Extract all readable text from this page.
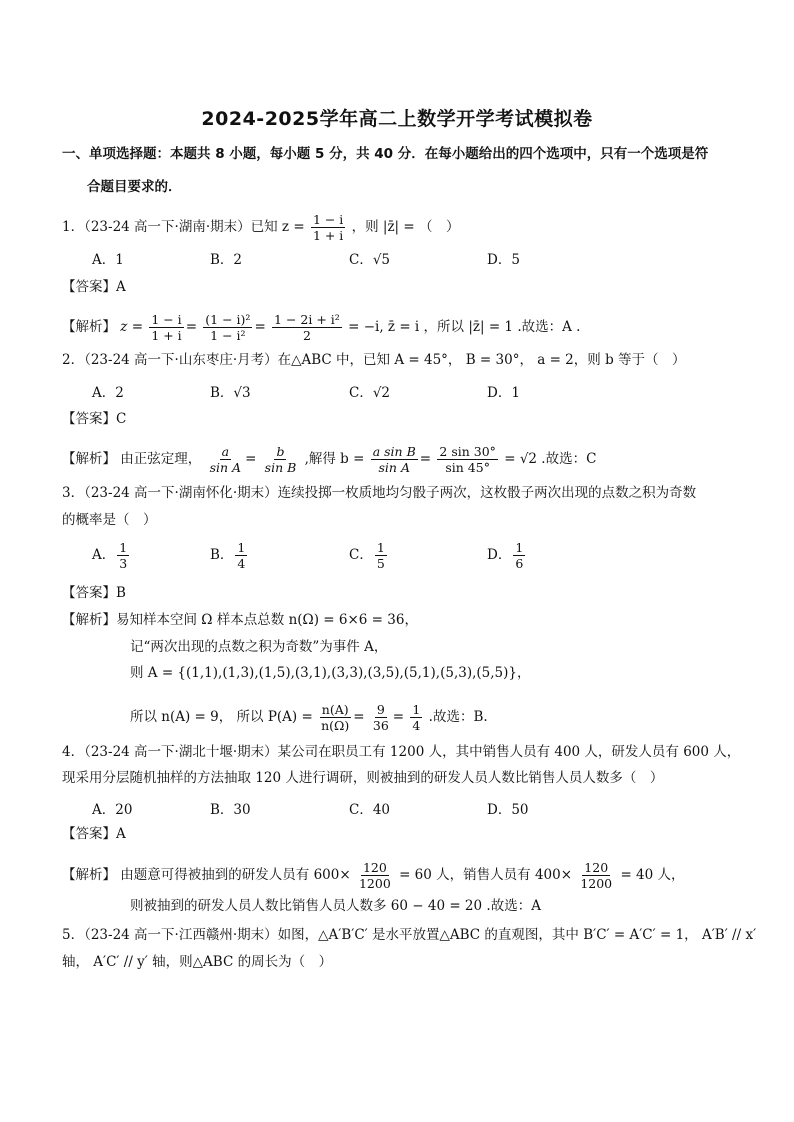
2024-2025学年高二上数学开学考试模拟卷
一、单项选择题：本题共 8 小题，每小题 5 分，共 40 分．在每小题给出的四个选项中，只有一个选项是符
合题目要求的．
1．（23-24 高一下·湖南·期末）已知 $z = \frac{1 - i}{1 + i}$ ，则 |z̄| = （　）
A．1	B．2	C．√5	D．5
【答案】A
【解析】 $z = \frac{1 - i}{1 + i} = \frac{\text{(1 − i)²}}{\text{1 − i²}} = \frac{\text{1 − 2i + i²}}{2} = -i$, z̄ = i ，所以 |z̄| = 1 .故选：A .
2．（23-24 高一下·山东枣庄·月考）在△ABC 中，已知 A = 45°， B = 30°， a = 2，则 b 等于（　）
A．2	B．√3	C．√2	D．1
【答案】C
【解析】 由正弦定理， $\frac{a}{\text{sin A}} = \frac{b}{\text{sin B}}$ ,解得 $b = \frac{\text{a sin B}}{\text{sin A}} = \frac{2 \sin 30^\circ}{\sin 45^\circ} = √2$ .故选：C
3．（23-24 高一下·湖南怀化·期末）连续投掷一枚质地均匀骰子两次，这枚骰子两次出现的点数之积为奇数
的概率是（　）
A． $\frac{1}{3}$	B． $\frac{1}{4}$	C． $\frac{1}{5}$	D． $\frac{1}{6}$
【答案】B
【解析】易知样本空间 Ω 样本点总数 n(Ω) = 6×6 = 36，
记“两次出现的点数之积为奇数”为事件 A，
则 A = {(1,1),(1,3),(1,5),(3,1),(3,3),(3,5),(5,1),(5,3),(5,5)}，
所以 n(A) = 9， 所以 $P(A) = \frac{n(A)}{n(\Omega)} = \frac{9}{36} = \frac{1}{4}$ .故选：B.
4．（23-24 高一下·湖北十堰·期末）某公司在职员工有 1200 人，其中销售人员有 400 人，研发人员有 600 人，
现采用分层随机抽样的方法抽取 120 人进行调研，则被抽到的研发人员人数比销售人员人数多（　）
A．20	B．30	C．40	D．50
【答案】A
【解析】 由题意可得被抽到的研发人员有 $600\times \frac{120}{1200} = 60$ 人，销售人员有 $400\times \frac{120}{1200} = 40$ 人，
则被抽到的研发人员人数比销售人员人数多 60 − 40 = 20 .故选：A
5．（23-24 高一下·江西赣州·期末）如图，△A′B′C′ 是水平放置△ABC 的直观图，其中 B′C′ = A′C′ = 1， A′B′ // x′
轴， A′C′ // y′ 轴，则△ABC 的周长为（　）
